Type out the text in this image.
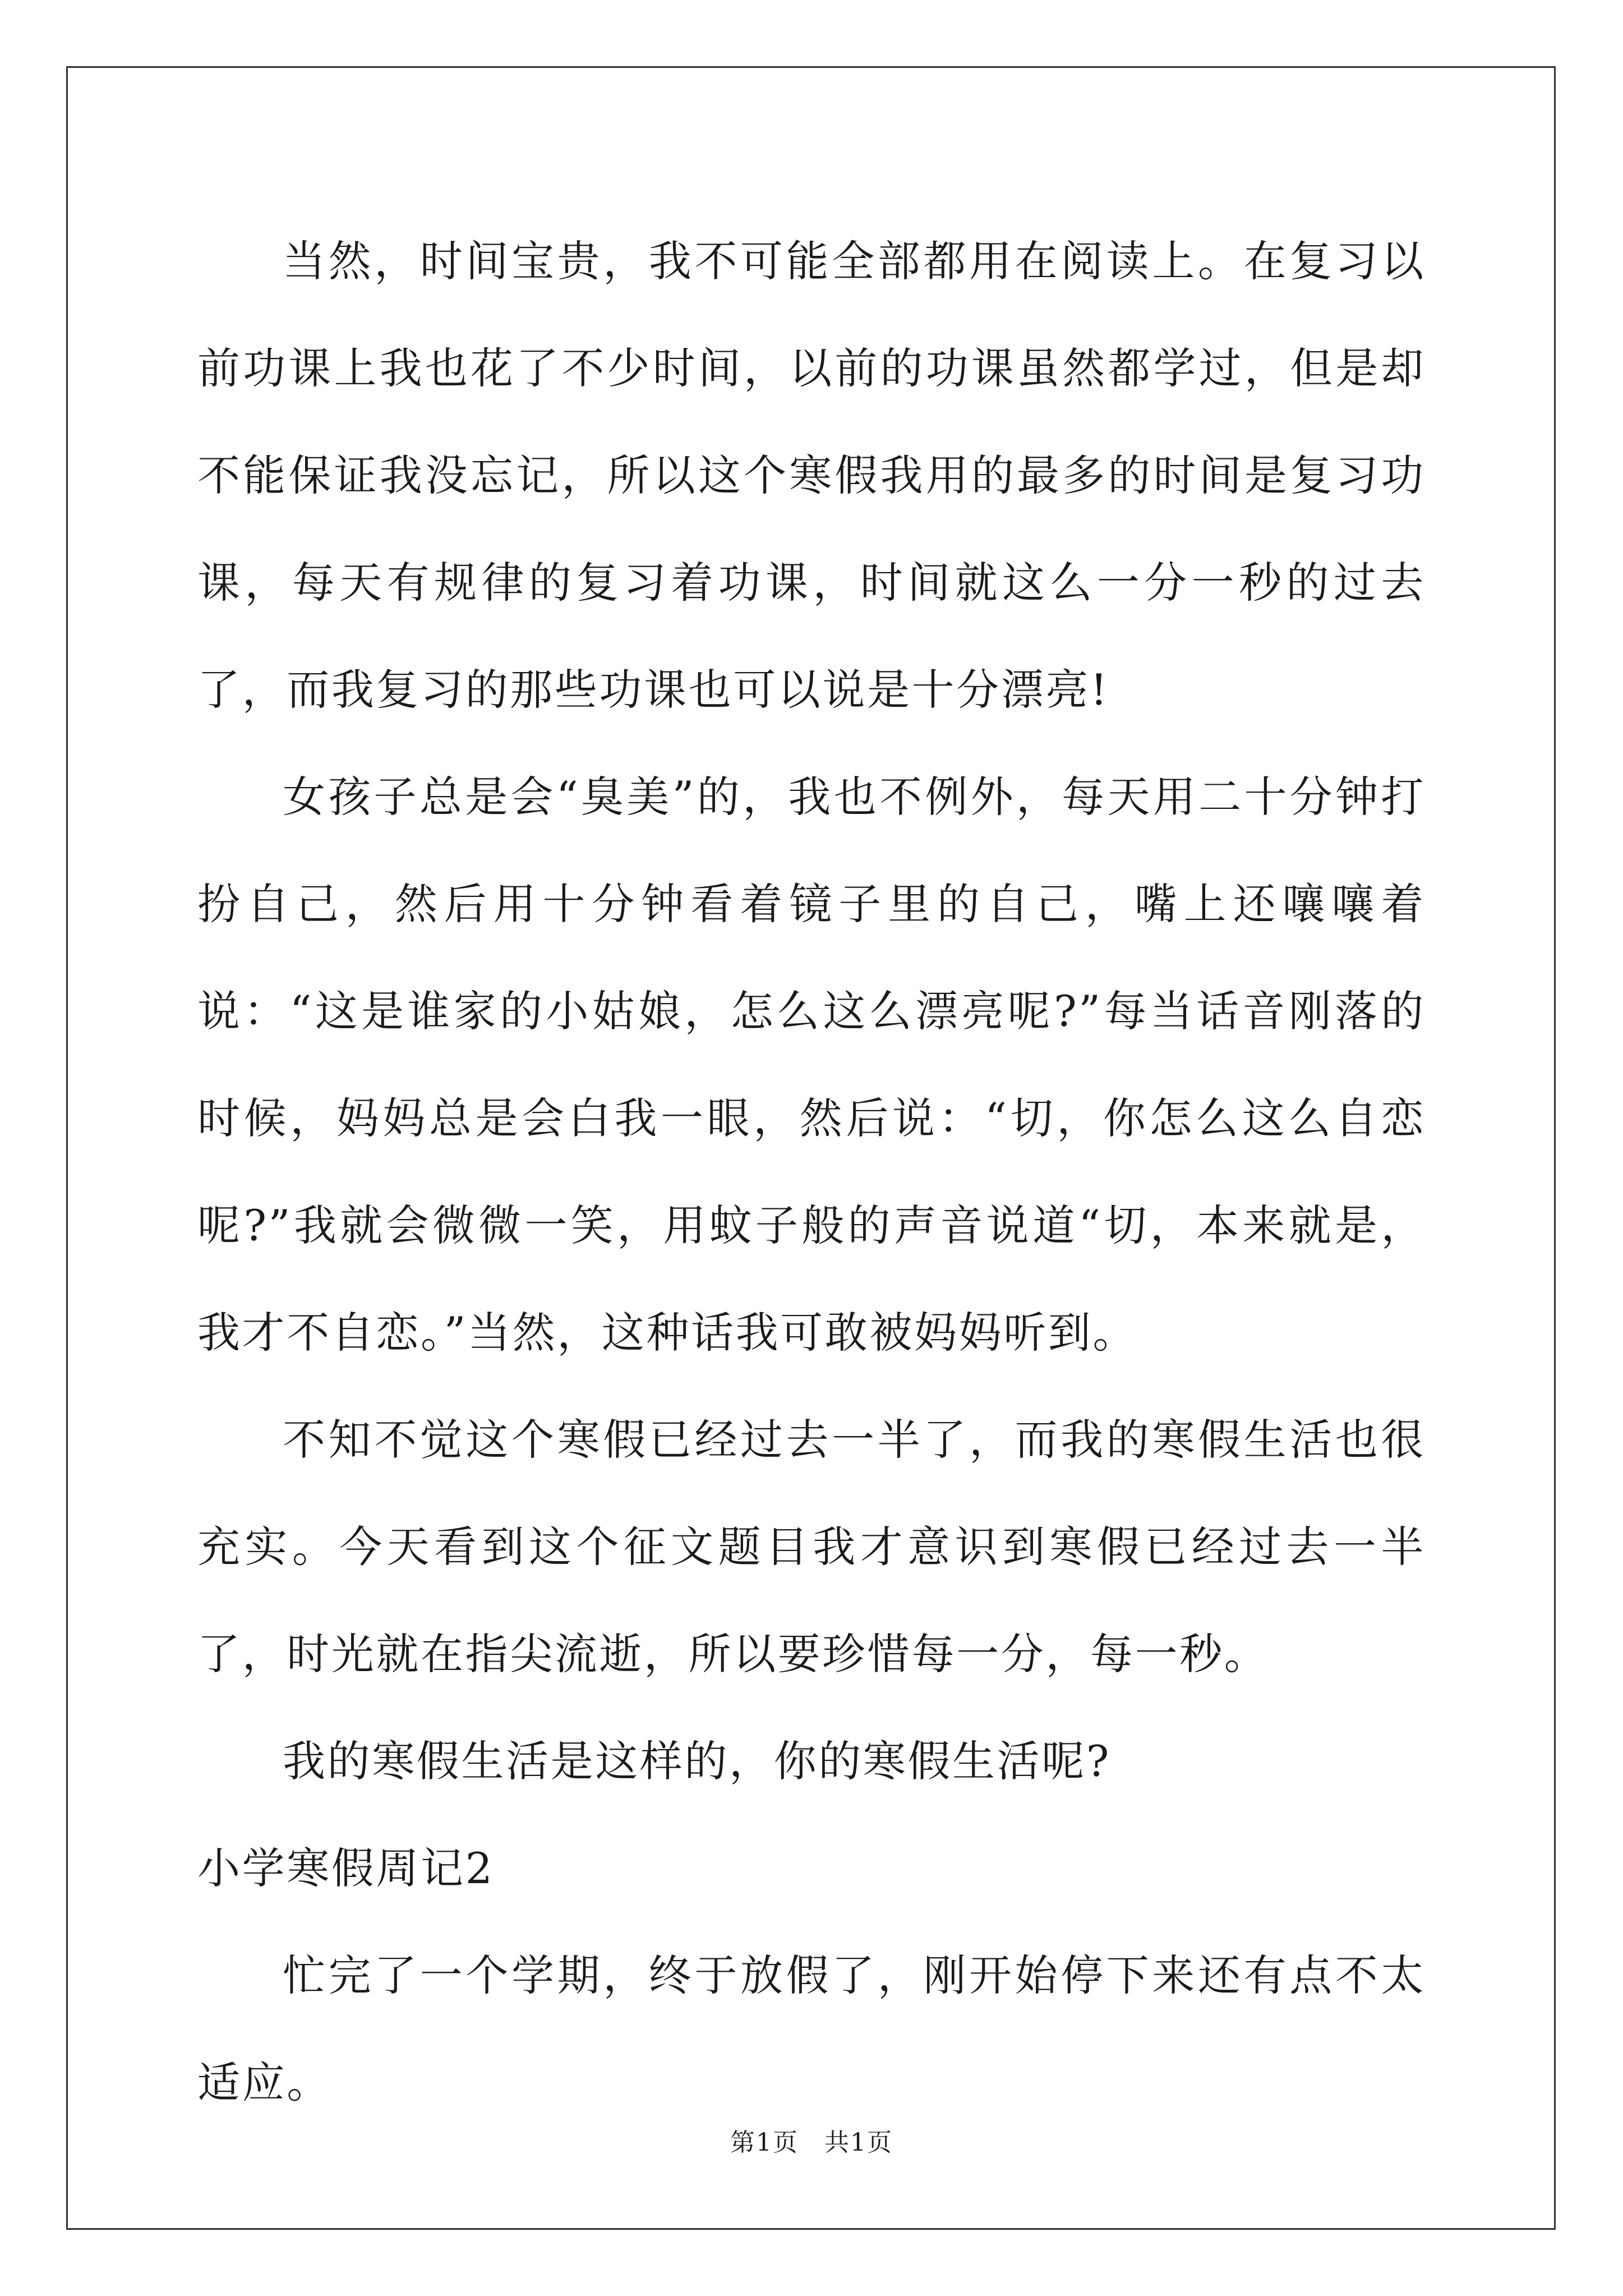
当然，时间宝贵，我不可能全部都用在阅读上。在复习以前功课上我也花了不少时间，以前的功课虽然都学过，但是却不能保证我没忘记，所以这个寒假我用的最多的时间是复习功课，每天有规律的复习着功课，时间就这么一分一秒的过去了，而我复习的那些功课也可以说是十分漂亮!

女孩子总是会“臭美”的，我也不例外，每天用二十分钟打扮自己，然后用十分钟看着镜子里的自己，嘴上还嚷嚷着说：“这是谁家的小姑娘，怎么这么漂亮呢?”每当话音刚落的时候，妈妈总是会白我一眼，然后说：“切，你怎么这么自恋呢?”我就会微微一笑，用蚊子般的声音说道“切，本来就是，我才不自恋。”当然，这种话我可敢被妈妈听到。

不知不觉这个寒假已经过去一半了，而我的寒假生活也很充实。今天看到这个征文题目我才意识到寒假已经过去一半了，时光就在指尖流逝，所以要珍惜每一分，每一秒。

我的寒假生活是这样的，你的寒假生活呢?

小学寒假周记2

忙完了一个学期，终于放假了，刚开始停下来还有点不太适应。

第1页　共1页
